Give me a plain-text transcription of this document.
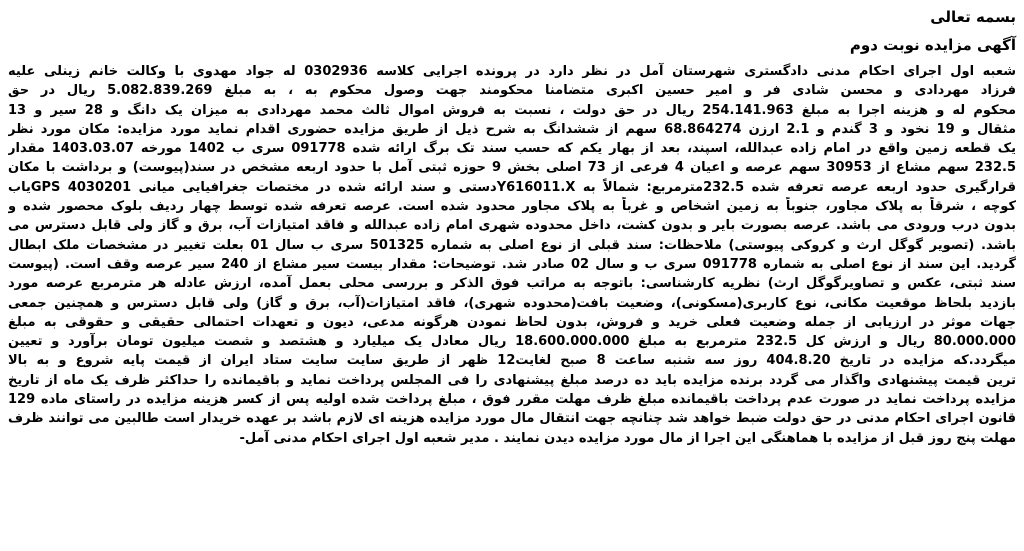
بسمه تعالی
آگهی مزایده نوبت دوم
شعبه اول اجرای احکام مدنی دادگستری شهرستان آمل در نظر دارد در پرونده اجرایی کلاسه 0302936 له جواد مهدوی با وکالت خانم زینلی علیه
فرزاد مهردادی و محسن شادی فر و امیر حسین اکبری متضامنا محکومند جهت وصول محکوم به ، به مبلغ 5.082.839.269 ریال در حق
محکوم له و هزینه اجرا به مبلغ 254.141.963 ریال در حق دولت ، نسبت به فروش اموال ثالث محمد مهردادی به میزان یک دانگ و 28 سیر و 13
مثقال و 19 نخود و 3 گندم و 2.1 ارزن 68.864274 سهم از ششدانگ به شرح ذیل از طریق مزایده حضوری اقدام نماید مورد مزایده: مکان مورد نظر
یک قطعه زمین واقع در امام زاده عبدالله، اسپند، بعد از بهار یکم که حسب سند تک برگ ارائه شده 091778 سری ب 1402 مورخه 1403.03.07 مقدار
232.5 سهم مشاع از 30953 سهم عرصه و اعیان 4 فرعی از 73 اصلی بخش 9 حوزه ثبتی آمل با حدود اربعه مشخص در سند(پیوست) و برداشت با مکان
قرارگیری حدود اربعه عرصه تعرفه شده 232.5مترمربع: شمالاً به Y616011.Xدستی و سند ارائه شده در مختصات جغرافیایی میانی GPS 4030201یاب
کوچه ، شرقاً به پلاک مجاور، جنوباً به زمین اشخاص و غرباً به پلاک مجاور محدود شده است. عرصه تعرفه شده توسط چهار ردیف بلوک محصور شده و
بدون درب ورودی می باشد. عرصه بصورت بایر و بدون کشت، داخل محدوده شهری امام زاده عبدالله و فاقد امتیازات آب، برق و گاز ولی قابل دسترس می
باشد. (تصویر گوگل ارث و کروکی پیوستی) ملاحظات: سند قبلی از نوع اصلی به شماره 501325 سری ب سال 01 بعلت تغییر در مشخصات ملک ابطال
گردید. این سند از نوع اصلی به شماره 091778 سری ب و سال 02 صادر شد. توضیحات: مقدار بیست سیر مشاع از 240 سیر عرصه وقف است. (پیوست
سند ثبتی، عکس و تصاویرگوگل ارث) نظریه کارشناسی: باتوجه به مراتب فوق الذکر و بررسی محلی بعمل آمده، ارزش عادله هر مترمربع عرصه مورد
بازدید بلحاظ موقعیت مکانی، نوع کاربری(مسکونی)، وضعیت بافت(محدوده شهری)، فاقد امتیازات(آب، برق و گاز) ولی قابل دسترس و همچنین جمعی
جهات موثر در ارزیابی از جمله وضعیت فعلی خرید و فروش، بدون لحاظ نمودن هرگونه مدعی، دیون و تعهدات احتمالی حقیقی و حقوقی به مبلغ
80.000.000 ریال و ارزش کل 232.5 مترمربع به مبلغ 18.600.000.000 ریال معادل یک میلیارد و هشتصد و شصت میلیون تومان برآورد و تعیین
میگردد.که مزایده در تاریخ 404.8.20 روز سه شنبه ساعت 8 صبح لغایت12 ظهر از طریق سایت سایت ستاد ایران از قیمت پایه شروع و به بالا
ترین قیمت پیشنهادی واگذار می گردد برنده مزایده باید ده درصد مبلغ پیشنهادی را فی المجلس پرداخت نماید و باقیمانده را حداکثر ظرف یک ماه از تاریخ
مزایده پرداخت نماید در صورت عدم پرداخت باقیمانده مبلغ ظرف مهلت مقرر فوق ، مبلغ پرداخت شده اولیه پس از کسر هزینه مزایده در راستای ماده 129
قانون اجرای احکام مدنی در حق دولت ضبط خواهد شد چنانچه جهت انتقال مال مورد مزایده هزینه ای لازم باشد بر عهده خریدار است طالبین می توانند ظرف
مهلت پنج روز قبل از مزایده با هماهنگی این اجرا از مال مورد مزایده دیدن نمایند . مدیر شعبه اول اجرای احکام مدنی آمل-
